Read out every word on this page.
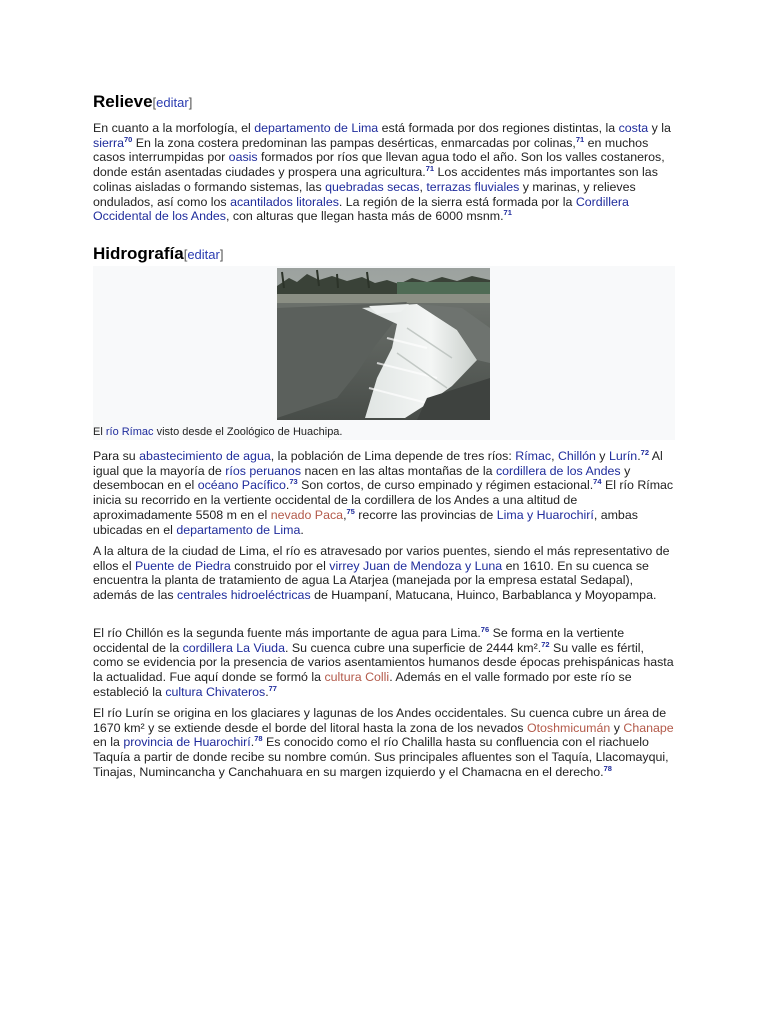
Relieve[editar]

En cuanto a la morfología, el departamento de Lima está formada por dos regiones distintas, la costa y la sierra$^{70}$ En la zona costera predominan las pampas desérticas, enmarcadas por colinas,$^{71}$ en muchos casos interrumpidas por oasis formados por ríos que llevan agua todo el año. Son los valles costaneros, donde están asentadas ciudades y prospera una agricultura.$^{71}$ Los accidentes más importantes son las colinas aisladas o formando sistemas, las quebradas secas, terrazas fluviales y marinas, y relieves ondulados, así como los acantilados litorales. La región de la sierra está formada por la Cordillera Occidental de los Andes, con alturas que llegan hasta más de 6000 msnm.$^{71}$

Hidrografía[editar]
El río Rímac visto desde el Zoológico de Huachipa.

Para su abastecimiento de agua, la población de Lima depende de tres ríos: Rímac, Chillón y Lurín.$^{72}$ Al igual que la mayoría de ríos peruanos nacen en las altas montañas de la cordillera de los Andes y desembocan en el océano Pacífico.$^{73}$ Son cortos, de curso empinado y régimen estacional.$^{74}$ El río Rímac inicia su recorrido en la vertiente occidental de la cordillera de los Andes a una altitud de aproximadamente 5508 m en el nevado Paca,$^{75}$ recorre las provincias de Lima y Huarochirí, ambas ubicadas en el departamento de Lima.

A la altura de la ciudad de Lima, el río es atravesado por varios puentes, siendo el más representativo de ellos el Puente de Piedra construido por el virrey Juan de Mendoza y Luna en 1610. En su cuenca se encuentra la planta de tratamiento de agua La Atarjea (manejada por la empresa estatal Sedapal), además de las centrales hidroeléctricas de Huampaní, Matucana, Huinco, Barbablanca y Moyopampa.

El río Chillón es la segunda fuente más importante de agua para Lima.$^{76}$ Se forma en la vertiente occidental de la cordillera La Viuda. Su cuenca cubre una superficie de 2444 km².$^{72}$ Su valle es fértil, como se evidencia por la presencia de varios asentamientos humanos desde épocas prehispánicas hasta la actualidad. Fue aquí donde se formó la cultura Colli. Además en el valle formado por este río se estableció la cultura Chivateros.$^{77}$

El río Lurín se origina en los glaciares y lagunas de los Andes occidentales. Su cuenca cubre un área de 1670 km² y se extiende desde el borde del litoral hasta la zona de los nevados Otoshmicumán y Chanape en la provincia de Huarochirí.$^{78}$ Es conocido como el río Chalilla hasta su confluencia con el riachuelo Taquía a partir de donde recibe su nombre común. Sus principales afluentes son el Taquía, Llacomayqui, Tinajas, Numincancha y Canchahuara en su margen izquierdo y el Chamacna en el derecho.$^{78}$
